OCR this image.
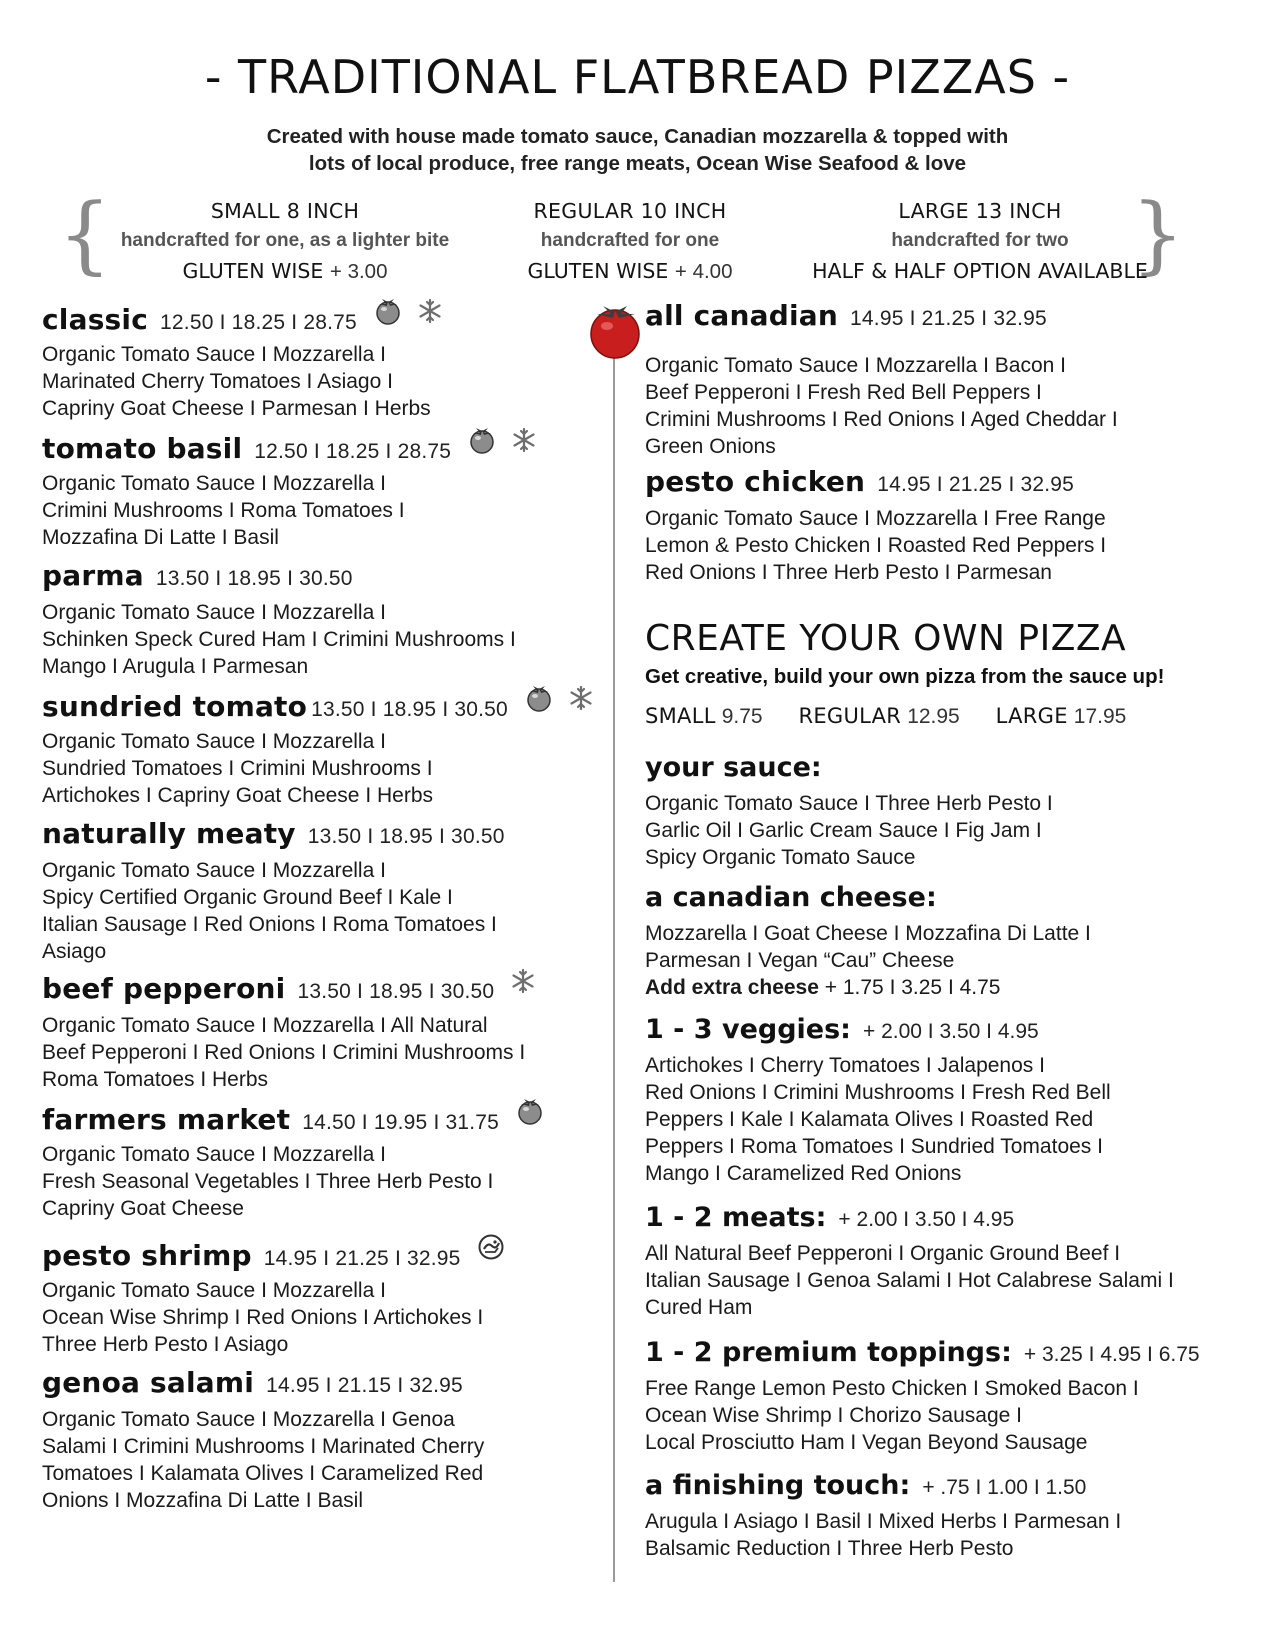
- TRADITIONAL FLATBREAD PIZZAS -
Created with house made tomato sauce, Canadian mozzarella & topped with
lots of local produce, free range meats, Ocean Wise Seafood & love
{	}
SMALL 8 INCH
handcrafted for one, as a lighter bite
GLUTEN WISE + 3.00
REGULAR 10 INCH
handcrafted for one
GLUTEN WISE + 4.00
LARGE 13 INCH
handcrafted for two
HALF & HALF OPTION AVAILABLE
classic 12.50 I 18.25 I 28.75
Organic Tomato Sauce I Mozzarella I
Marinated Cherry Tomatoes I Asiago I
Capriny Goat Cheese I Parmesan I Herbs
tomato basil 12.50 I 18.25 I 28.75
Organic Tomato Sauce I Mozzarella I
Crimini Mushrooms I Roma Tomatoes I
Mozzafina Di Latte I Basil
parma 13.50 I 18.95 I 30.50
Organic Tomato Sauce I Mozzarella I
Schinken Speck Cured Ham I Crimini Mushrooms I
Mango I Arugula I Parmesan
sundried tomato 13.50 I 18.95 I 30.50
Organic Tomato Sauce I Mozzarella I
Sundried Tomatoes I Crimini Mushrooms I
Artichokes I Capriny Goat Cheese I Herbs
naturally meaty 13.50 I 18.95 I 30.50
Organic Tomato Sauce I Mozzarella I
Spicy Certified Organic Ground Beef I Kale I
Italian Sausage I Red Onions I Roma Tomatoes I
Asiago
beef pepperoni 13.50 I 18.95 I 30.50
Organic Tomato Sauce I Mozzarella I All Natural
Beef Pepperoni I Red Onions I Crimini Mushrooms I
Roma Tomatoes I Herbs
farmers market 14.50 I 19.95 I 31.75
Organic Tomato Sauce I Mozzarella I
Fresh Seasonal Vegetables I Three Herb Pesto I
Capriny Goat Cheese
pesto shrimp 14.95 I 21.25 I 32.95
Organic Tomato Sauce I Mozzarella I
Ocean Wise Shrimp I Red Onions I Artichokes I
Three Herb Pesto I Asiago
genoa salami 14.95 I 21.15 I 32.95
Organic Tomato Sauce I Mozzarella I Genoa
Salami I Crimini Mushrooms I Marinated Cherry
Tomatoes I Kalamata Olives I Caramelized Red
Onions I Mozzafina Di Latte I Basil
all canadian 14.95 I 21.25 I 32.95
Organic Tomato Sauce I Mozzarella I Bacon I
Beef Pepperoni I Fresh Red Bell Peppers I
Crimini Mushrooms I Red Onions I Aged Cheddar I
Green Onions
pesto chicken 14.95 I 21.25 I 32.95
Organic Tomato Sauce I Mozzarella I Free Range
Lemon & Pesto Chicken I Roasted Red Peppers I
Red Onions I Three Herb Pesto I Parmesan
CREATE YOUR OWN PIZZA
Get creative, build your own pizza from the sauce up!
SMALL 9.75 REGULAR 12.95 LARGE 17.95
your sauce:
Organic Tomato Sauce I Three Herb Pesto I
Garlic Oil I Garlic Cream Sauce I Fig Jam I
Spicy Organic Tomato Sauce
a canadian cheese:
Mozzarella I Goat Cheese I Mozzafina Di Latte I
Parmesan I Vegan “Cau” Cheese
Add extra cheese + 1.75 I 3.25 I 4.75
1 - 3 veggies: + 2.00 I 3.50 I 4.95
Artichokes I Cherry Tomatoes I Jalapenos I
Red Onions I Crimini Mushrooms I Fresh Red Bell
Peppers I Kale I Kalamata Olives I Roasted Red
Peppers I Roma Tomatoes I Sundried Tomatoes I
Mango I Caramelized Red Onions
1 - 2 meats: + 2.00 I 3.50 I 4.95
All Natural Beef Pepperoni I Organic Ground Beef I
Italian Sausage I Genoa Salami I Hot Calabrese Salami I
Cured Ham
1 - 2 premium toppings: + 3.25 I 4.95 I 6.75
Free Range Lemon Pesto Chicken I Smoked Bacon I
Ocean Wise Shrimp I Chorizo Sausage I
Local Prosciutto Ham I Vegan Beyond Sausage
a finishing touch: + .75 I 1.00 I 1.50
Arugula I Asiago I Basil I Mixed Herbs I Parmesan I
Balsamic Reduction I Three Herb Pesto
